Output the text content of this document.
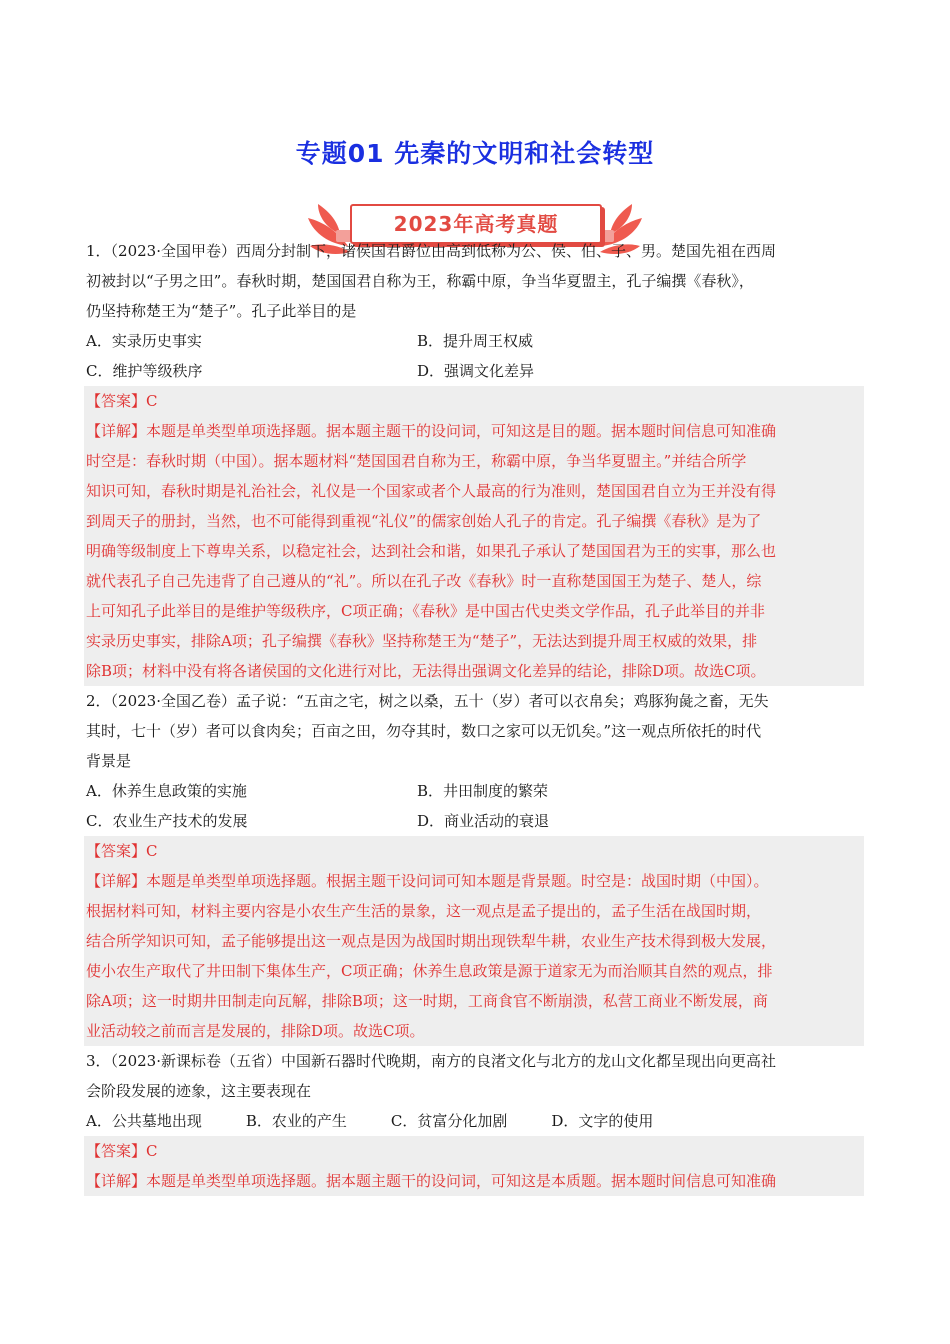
专题01 先秦的文明和社会转型
2023年高考真题
1．（2023·全国甲卷）西周分封制下，诸侯国君爵位由高到低称为公、侯、伯、子、男。楚国先祖在西周
初被封以“子男之田”。春秋时期，楚国国君自称为王，称霸中原，争当华夏盟主，孔子编撰《春秋》，
仍坚持称楚王为“楚子”。孔子此举目的是
A．实录历史事实	B．提升周王权威
C．维护等级秩序	D．强调文化差异
【答案】C
【详解】本题是单类型单项选择题。据本题主题干的设问词，可知这是目的题。据本题时间信息可知准确
时空是：春秋时期（中国）。据本题材料“楚国国君自称为王，称霸中原，争当华夏盟主。”并结合所学
知识可知，春秋时期是礼治社会，礼仪是一个国家或者个人最高的行为准则，楚国国君自立为王并没有得
到周天子的册封，当然，也不可能得到重视“礼仪”的儒家创始人孔子的肯定。孔子编撰《春秋》是为了
明确等级制度上下尊卑关系，以稳定社会，达到社会和谐，如果孔子承认了楚国国君为王的实事，那么也
就代表孔子自己先违背了自己遵从的“礼”。所以在孔子改《春秋》时一直称楚国国王为楚子、楚人，综
上可知孔子此举目的是维护等级秩序，C项正确；《春秋》是中国古代史类文学作品，孔子此举目的并非
实录历史事实，排除A项；孔子编撰《春秋》坚持称楚王为“楚子”，无法达到提升周王权威的效果，排
除B项；材料中没有将各诸侯国的文化进行对比，无法得出强调文化差异的结论，排除D项。故选C项。
2．（2023·全国乙卷）孟子说：“五亩之宅，树之以桑，五十（岁）者可以衣帛矣；鸡豚狗彘之畜，无失
其时，七十（岁）者可以食肉矣；百亩之田，勿夺其时，数口之家可以无饥矣。”这一观点所依托的时代
背景是
A．休养生息政策的实施	B．井田制度的繁荣
C．农业生产技术的发展	D．商业活动的衰退
【答案】C
【详解】本题是单类型单项选择题。根据主题干设问词可知本题是背景题。时空是：战国时期（中国）。
根据材料可知，材料主要内容是小农生产生活的景象，这一观点是孟子提出的，孟子生活在战国时期，
结合所学知识可知，孟子能够提出这一观点是因为战国时期出现铁犁牛耕，农业生产技术得到极大发展，
使小农生产取代了井田制下集体生产，C项正确；休养生息政策是源于道家无为而治顺其自然的观点，排
除A项；这一时期井田制走向瓦解，排除B项；这一时期，工商食官不断崩溃，私营工商业不断发展，商
业活动较之前而言是发展的，排除D项。故选C项。
3．（2023·新课标卷（五省）中国新石器时代晚期，南方的良渚文化与北方的龙山文化都呈现出向更高社
会阶段发展的迹象，这主要表现在
A．公共墓地出现	B．农业的产生	C．贫富分化加剧	D．文字的使用
【答案】C
【详解】本题是单类型单项选择题。据本题主题干的设问词，可知这是本质题。据本题时间信息可知准确
